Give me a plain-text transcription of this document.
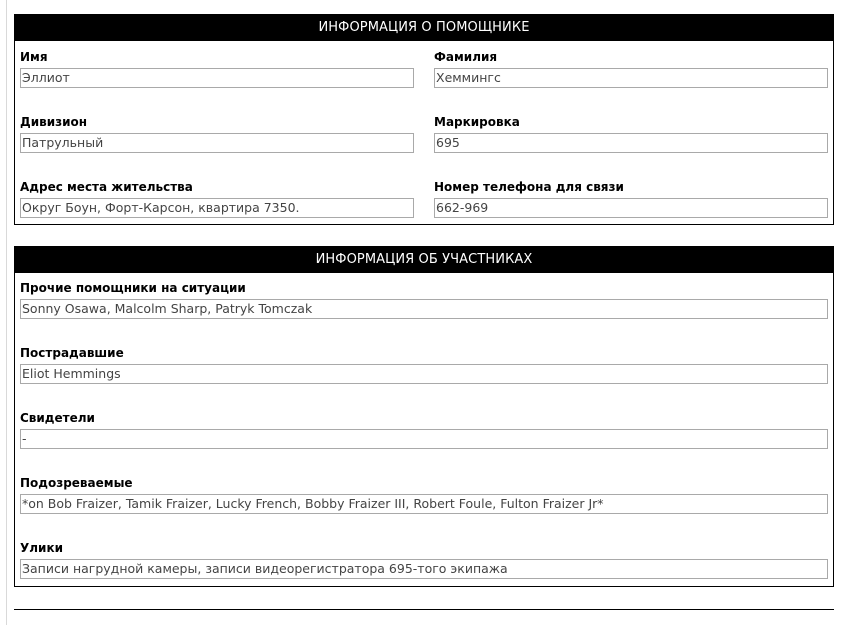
ИНФОРМАЦИЯ О ПОМОЩНИКЕ
Имя
Эллиот
Фамилия
Хеммингс
Дивизион
Патрульный
Маркировка
695
Адрес места жительства
Округ Боун, Форт-Карсон, квартира 7350.
Номер телефона для связи
662-969
ИНФОРМАЦИЯ ОБ УЧАСТНИКАХ
Прочие помощники на ситуации
Sonny Osawa, Malcolm Sharp, Patryk Tomczak
Пострадавшие
Eliot Hemmings
Свидетели
-
Подозреваемые
*on Bob Fraizer, Tamik Fraizer, Lucky French, Bobby Fraizer III, Robert Foule, Fulton Fraizer Jr*
Улики
Записи нагрудной камеры, записи видеорегистратора 695-того экипажа
